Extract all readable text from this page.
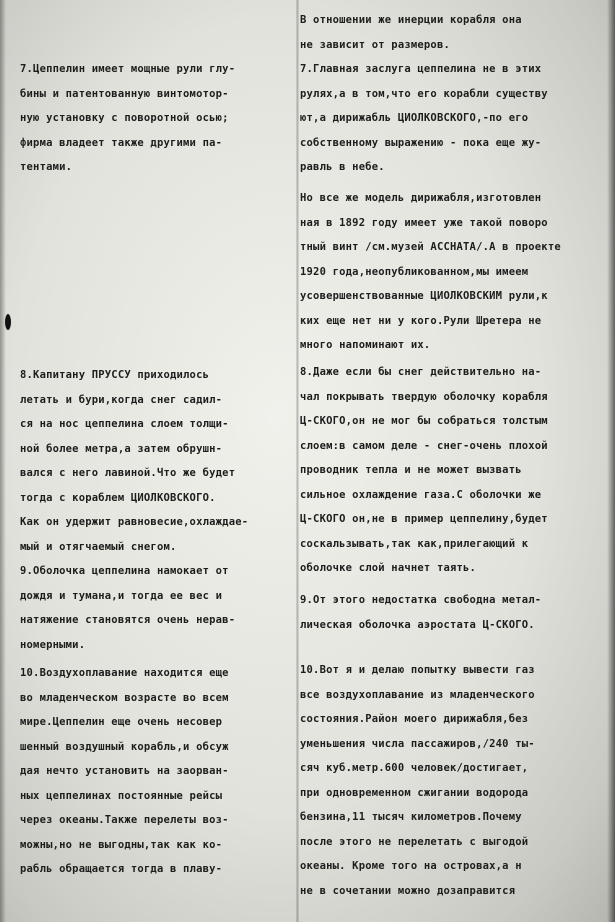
7.Цеппелин имеет мощные рули глу-

бины и патентованную винтомотор-

ную установку с поворотной осью;

фирма владеет также другими па-

тентами.

8.Капитану ПРУССУ приходилось

летать и бури,когда снег садил-

ся на нос цеппелина слоем толщи-

ной более метра,а затем обрушн-

вался с него лавиной.Что же будет

тогда с кораблем ЦИОЛКОВСКОГО.

Как он удержит равновесие,охлаждае-

мый и отягчаемый снегом.

9.Оболочка цеппелина намокает от

дождя и тумана,и тогда ее вес и

натяжение становятся очень нерав-

номерными.

10.Воздухоплавание находится еще

во младенческом возрасте во всем

мире.Цеппелин еще очень несовер

шенный воздушный корабль,и обсуж

дая нечто установить на заорван-

ных цеппелинах постоянные рейсы

через океаны.Также перелеты воз-

можны,но не выгодны,так как ко-

рабль обращается тогда в плаву-

В отношении же инерции корабля она

не зависит от размеров.

7.Главная заслуга цеппелина не в этих

рулях,а в том,что его корабли существу

ют,а дирижабль ЦИОЛКОВСКОГО,-по его

собственному выражению - пока еще жу-

равль в небе.

Но все же модель дирижабля,изготовлен

ная в 1892 году имеет уже такой поворо

тный винт /см.музей АССНАТА/.А в проекте

1920 года,неопубликованном,мы имеем

усовершенствованные ЦИОЛКОВСКИМ рули,к

ких еще нет ни у кого.Рули Шретера не

много напоминают их.

8.Даже если бы снег действительно на-

чал покрывать твердую оболочку корабля

Ц-СКОГО,он не мог бы собраться толстым

слоем:в самом деле - снег-очень плохой

проводник тепла и не может вызвать

сильное охлаждение газа.С оболочки же

Ц-СКОГО он,не в пример цеппелину,будет

соскальзывать,так как,прилегающий к

оболочке слой начнет таять.

9.От этого недостатка свободна метал-

лическая оболочка аэростата Ц-СКОГО.

10.Вот я и делаю попытку вывести газ

все воздухоплавание из младенческого

состояния.Район моего дирижабля,без

уменьшения числа пассажиров,/240 ты-

сяч куб.метр.600 человек/достигает,

при одновременном сжигании водорода

бензина,11 тысяч километров.Почему

после этого не перелетать с выгодой

океаны. Кроме того на островах,а н

не в сочетании можно дозаправится
